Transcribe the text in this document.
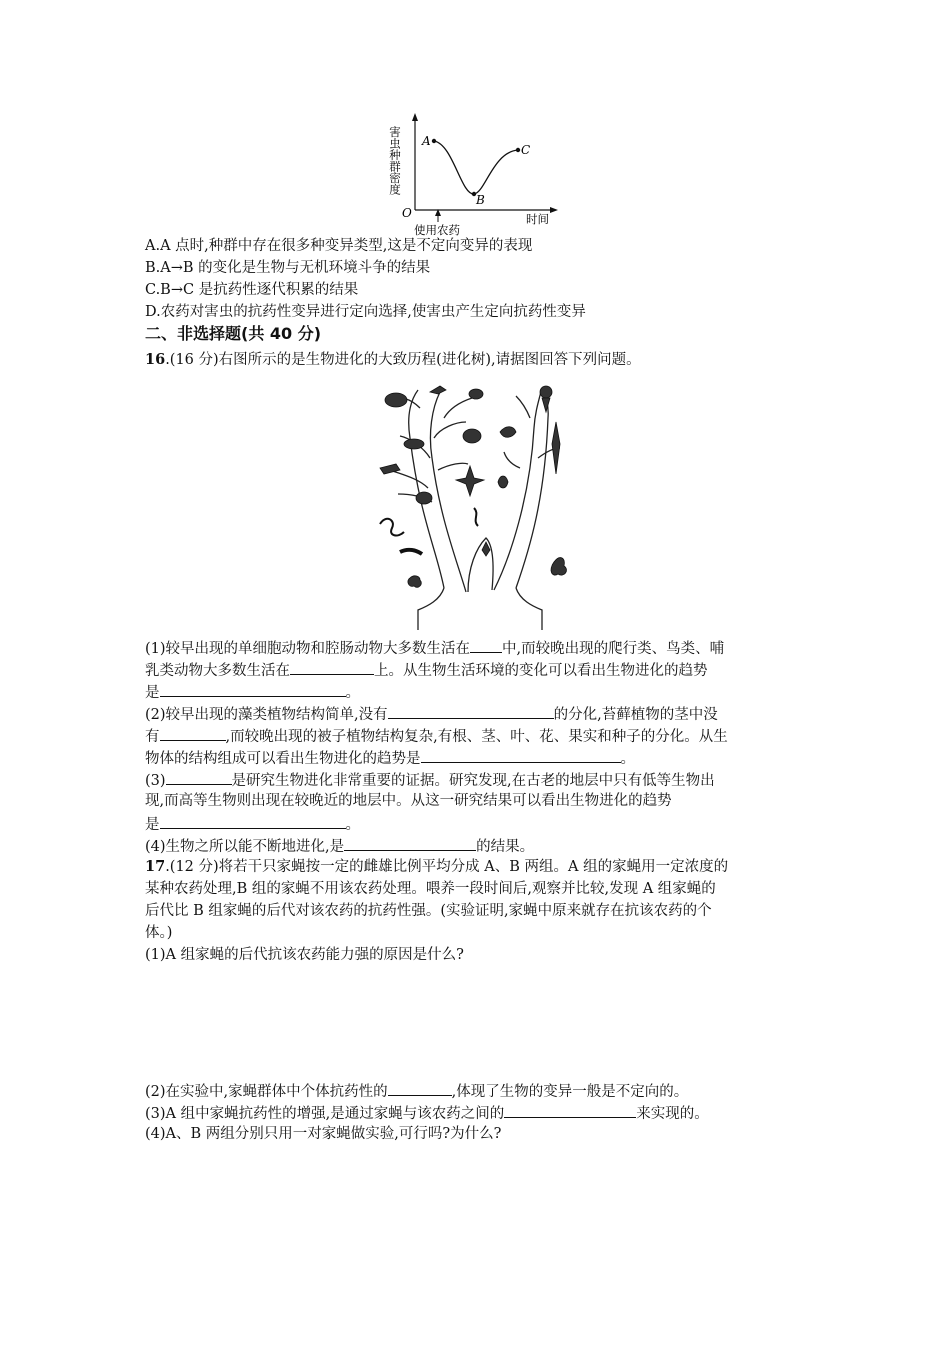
A
B
C
O
使用农药
时间
害虫种群密度
A.A 点时,种群中存在很多种变异类型,这是不定向变异的表现
B.A→B 的变化是生物与无机环境斗争的结果
C.B→C 是抗药性逐代积累的结果
D.农药对害虫的抗药性变异进行定向选择,使害虫产生定向抗药性变异
二、非选择题(共 40 分)
16.(16 分)右图所示的是生物进化的大致历程(进化树),请据图回答下列问题。
(1)较早出现的单细胞动物和腔肠动物大多数生活在 中,而较晚出现的爬行类、鸟类、哺
乳类动物大多数生活在	上。从生物生活环境的变化可以看出生物进化的趋势
是	。
(2)较早出现的藻类植物结构简单,没有	的分化,苔藓植物的茎中没
有	,而较晚出现的被子植物结构复杂,有根、茎、叶、花、果实和种子的分化。从生
物体的结构组成可以看出生物进化的趋势是	。
(3)	是研究生物进化非常重要的证据。研究发现,在古老的地层中只有低等生物出
现,而高等生物则出现在较晚近的地层中。从这一研究结果可以看出生物进化的趋势
是	。
(4)生物之所以能不断地进化,是	的结果。
17.(12 分)将若干只家蝇按一定的雌雄比例平均分成 A、B 两组。A 组的家蝇用一定浓度的
某种农药处理,B 组的家蝇不用该农药处理。喂养一段时间后,观察并比较,发现 A 组家蝇的
后代比 B 组家蝇的后代对该农药的抗药性强。(实验证明,家蝇中原来就存在抗该农药的个
体。)
(1)A 组家蝇的后代抗该农药能力强的原因是什么?
(2)在实验中,家蝇群体中个体抗药性的	,体现了生物的变异一般是不定向的。
(3)A 组中家蝇抗药性的增强,是通过家蝇与该农药之间的	来实现的。
(4)A、B 两组分别只用一对家蝇做实验,可行吗?为什么?
